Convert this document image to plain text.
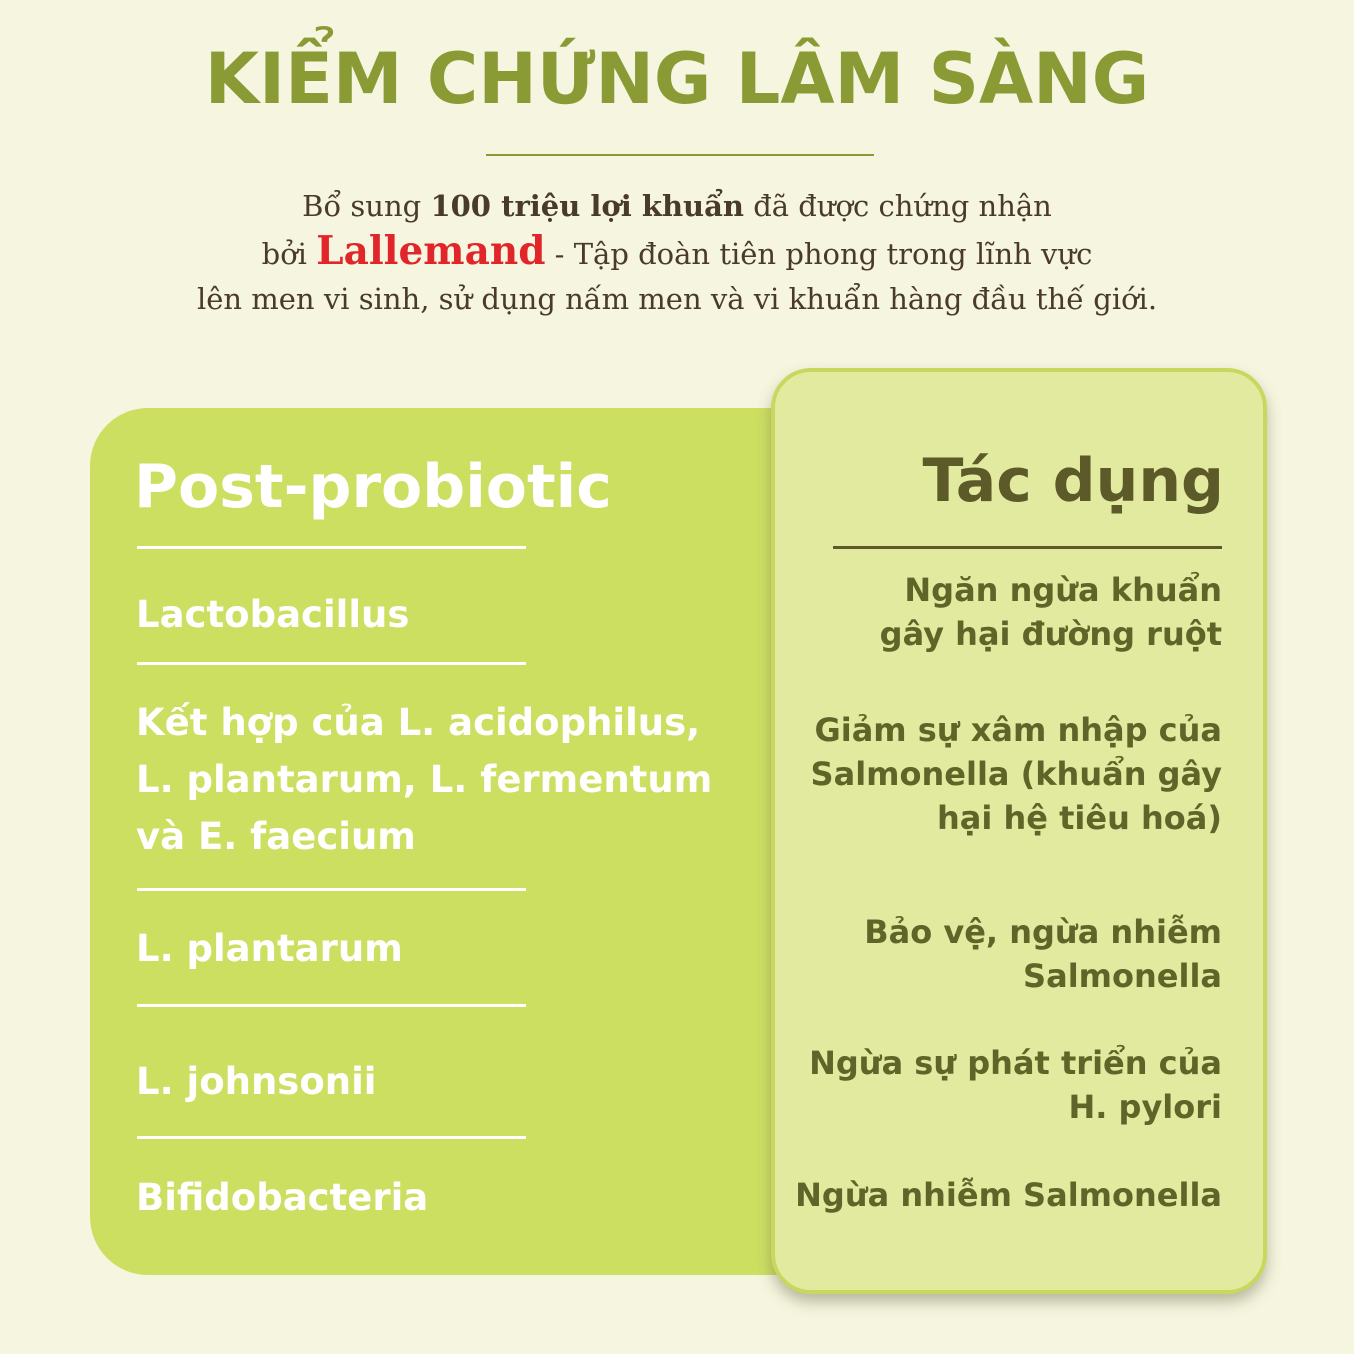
KIỂM CHỨNG LÂM SÀNG
Bổ sung 100 triệu lợi khuẩn đã được chứng nhận
bởi Lallemand - Tập đoàn tiên phong trong lĩnh vực
lên men vi sinh, sử dụng nấm men và vi khuẩn hàng đầu thế giới.
Post-probiotic
Lactobacillus
Kết hợp của L. acidophilus,
L. plantarum, L. fermentum
và E. faecium
L. plantarum
L. johnsonii
Bifidobacteria
Tác dụng
Ngăn ngừa khuẩn
gây hại đường ruột
Giảm sự xâm nhập của
Salmonella (khuẩn gây
hại hệ tiêu hoá)
Bảo vệ, ngừa nhiễm
Salmonella
Ngừa sự phát triển của
H. pylori
Ngừa nhiễm Salmonella
